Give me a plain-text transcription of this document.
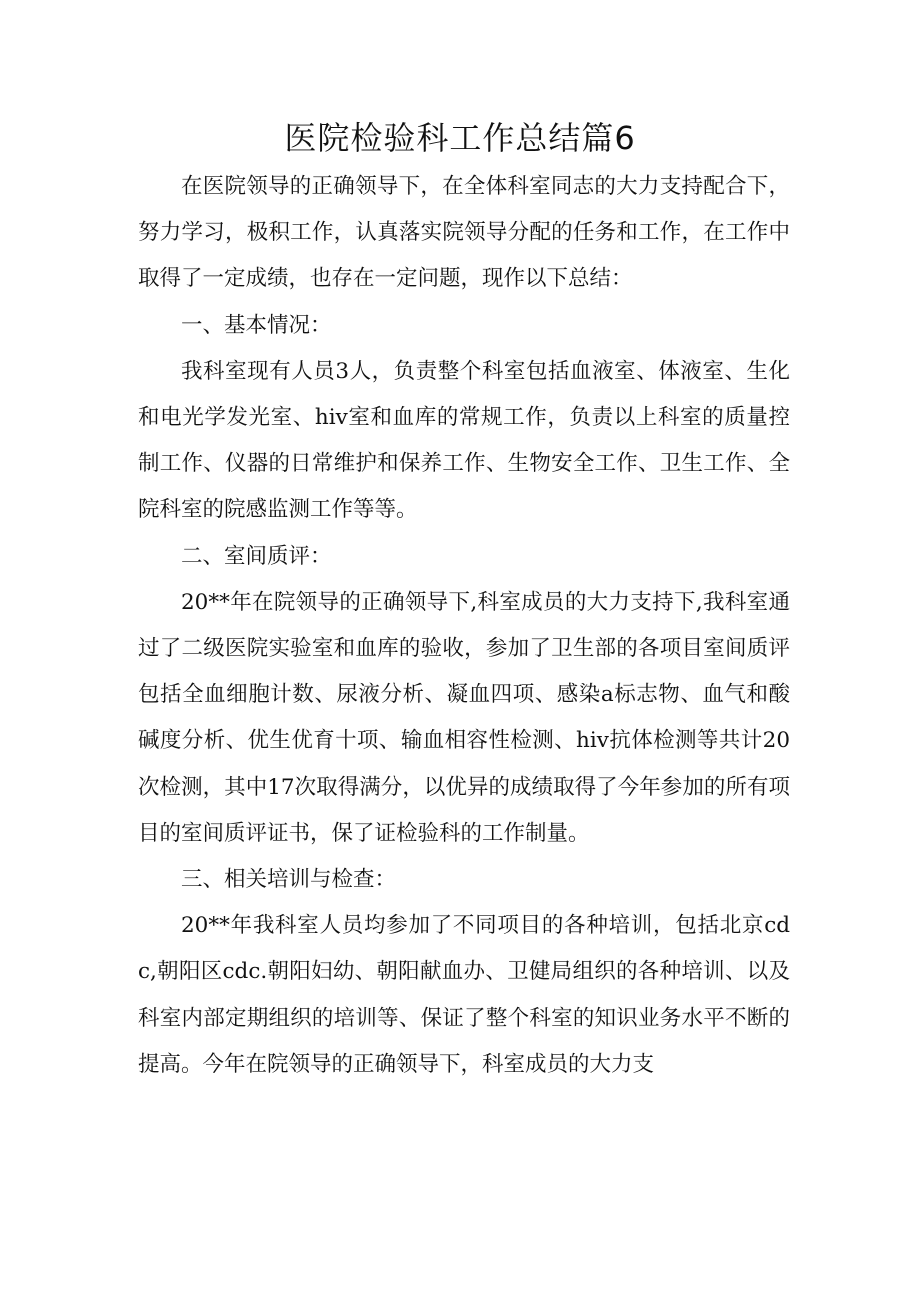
医院检验科工作总结篇6

在医院领导的正确领导下，在全体科室同志的大力支持配合下，努力学习，极积工作，认真落实院领导分配的任务和工作，在工作中取得了一定成绩，也存在一定问题，现作以下总结：

一、基本情况：

我科室现有人员3人，负责整个科室包括血液室、体液室、生化和电光学发光室、hiv室和血库的常规工作，负责以上科室的质量控制工作、仪器的日常维护和保养工作、生物安全工作、卫生工作、全院科室的院感监测工作等等。

二、室间质评：

20**年在院领导的正确领导下,科室成员的大力支持下,我科室通过了二级医院实验室和血库的验收，参加了卫生部的各项目室间质评包括全血细胞计数、尿液分析、凝血四项、感染a标志物、血气和酸碱度分析、优生优育十项、输血相容性检测、hiv抗体检测等共计20次检测，其中17次取得满分，以优异的成绩取得了今年参加的所有项目的室间质评证书，保了证检验科的工作制量。

三、相关培训与检查：

20**年我科室人员均参加了不同项目的各种培训，包括北京cdc,朝阳区cdc.朝阳妇幼、朝阳献血办、卫健局组织的各种培训、以及科室内部定期组织的培训等、保证了整个科室的知识业务水平不断的提高。今年在院领导的正确领导下，科室成员的大力支
